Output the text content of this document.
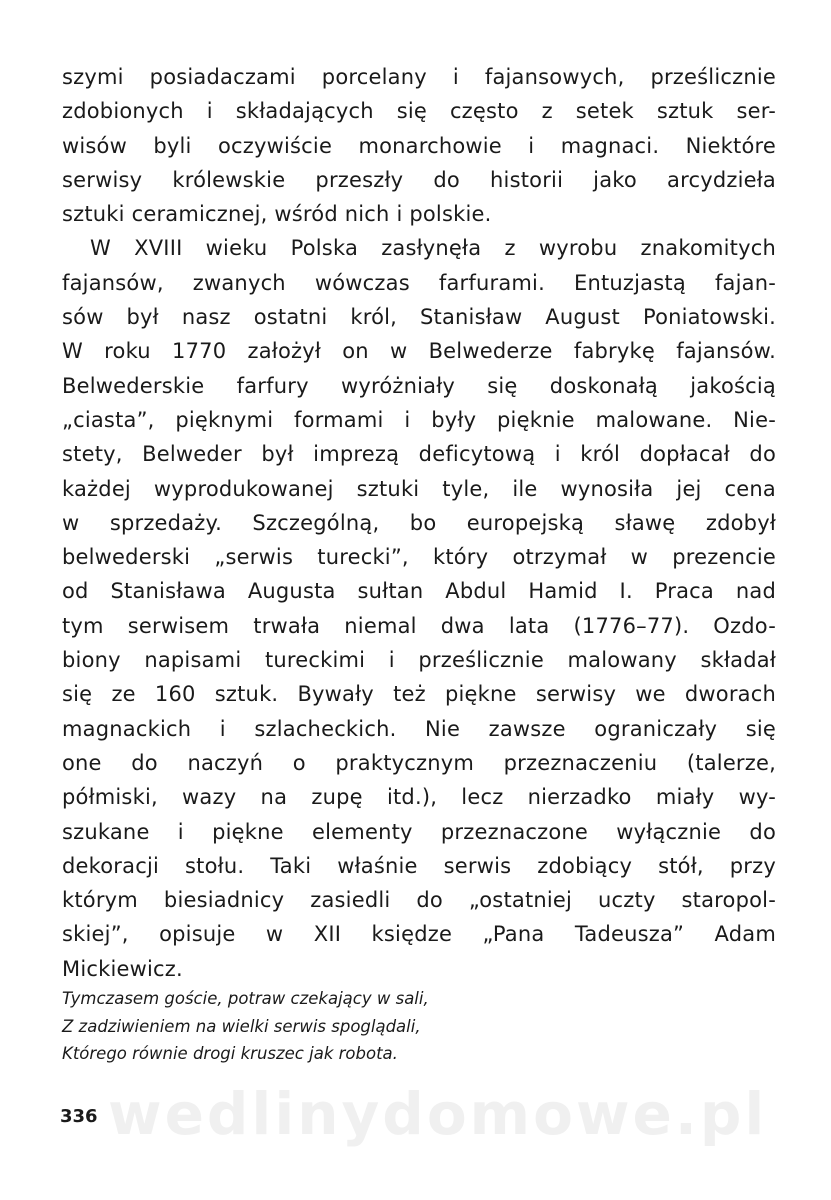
szymi posiadaczami porcelany i fajansowych, prześlicznie
zdobionych i składających się często z setek sztuk ser-
wisów byli oczywiście monarchowie i magnaci. Niektóre
serwisy królewskie przeszły do historii jako arcydzieła
sztuki ceramicznej, wśród nich i polskie.
W XVIII wieku Polska zasłynęła z wyrobu znakomitych
fajansów, zwanych wówczas farfurami. Entuzjastą fajan-
sów był nasz ostatni król, Stanisław August Poniatowski.
W roku 1770 założył on w Belwederze fabrykę fajansów.
Belwederskie farfury wyróżniały się doskonałą jakością
„ciasta”, pięknymi formami i były pięknie malowane. Nie-
stety, Belweder był imprezą deficytową i król dopłacał do
każdej wyprodukowanej sztuki tyle, ile wynosiła jej cena
w sprzedaży. Szczególną, bo europejską sławę zdobył
belwederski „serwis turecki”, który otrzymał w prezencie
od Stanisława Augusta sułtan Abdul Hamid I. Praca nad
tym serwisem trwała niemal dwa lata (1776–77). Ozdo-
biony napisami tureckimi i prześlicznie malowany składał
się ze 160 sztuk. Bywały też piękne serwisy we dworach
magnackich i szlacheckich. Nie zawsze ograniczały się
one do naczyń o praktycznym przeznaczeniu (talerze,
półmiski, wazy na zupę itd.), lecz nierzadko miały wy-
szukane i piękne elementy przeznaczone wyłącznie do
dekoracji stołu. Taki właśnie serwis zdobiący stół, przy
którym biesiadnicy zasiedli do „ostatniej uczty staropol-
skiej”, opisuje w XII księdze „Pana Tadeusza” Adam
Mickiewicz.
Tymczasem goście, potraw czekający w sali,
Z zadziwieniem na wielki serwis spoglądali,
Którego równie drogi kruszec jak robota.
wedlinydomowe.pl
336
